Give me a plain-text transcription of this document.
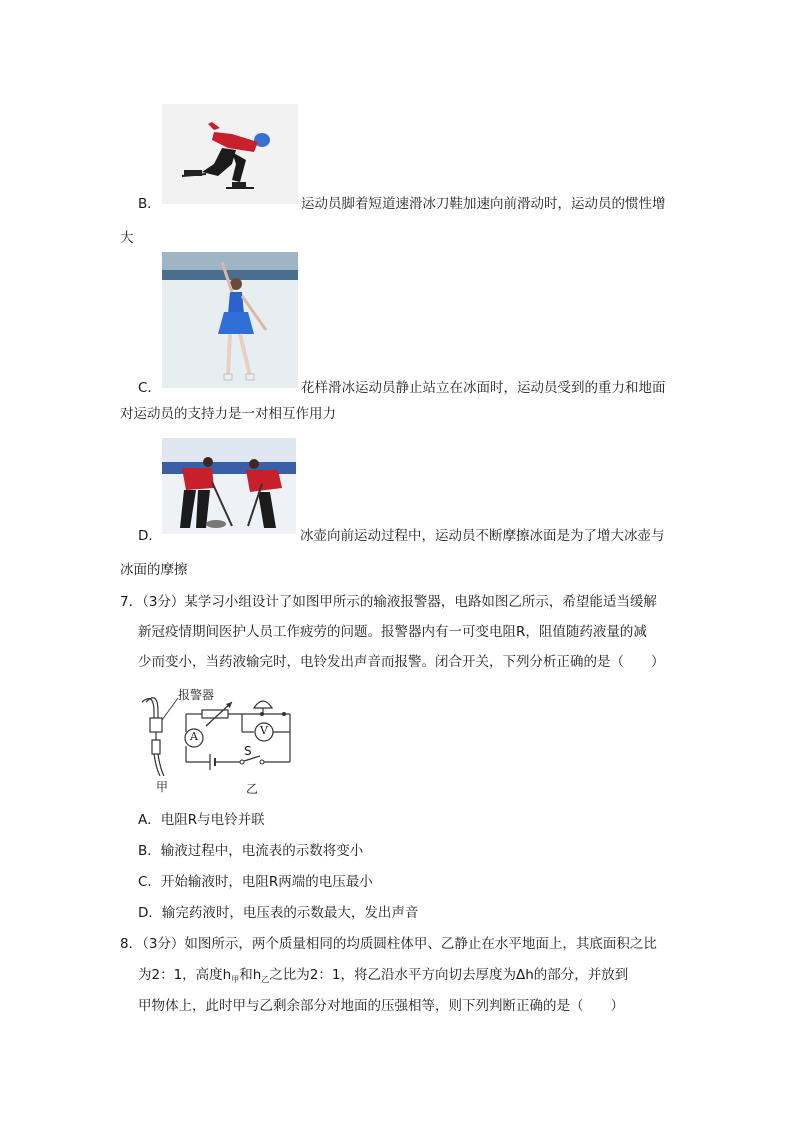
B．	运动员脚着短道速滑冰刀鞋加速向前滑动时，运动员的惯性增
大
C．	花样滑冰运动员静止站立在冰面时，运动员受到的重力和地面
对运动员的支持力是一对相互作用力
D．	冰壶向前运动过程中，运动员不断摩擦冰面是为了增大冰壶与
冰面的摩擦
7．（3分）某学习小组设计了如图甲所示的输液报警器，电路如图乙所示，希望能适当缓解
新冠疫情期间医护人员工作疲劳的问题。报警器内有一可变电阻R，阻值随药液量的减
少而变小，当药液输完时，电铃发出声音而报警。闭合开关，下列分析正确的是（　　）
报警器
A	V
S
甲	乙
A．电阻R与电铃并联
B．输液过程中，电流表的示数将变小
C．开始输液时，电阻R两端的电压最小
D．输完药液时，电压表的示数最大，发出声音
8．（3分）如图所示，两个质量相同的均质圆柱体甲、乙静止在水平地面上，其底面积之比
为2：1，高度$h_甲$和$h_乙$之比为2：1，将乙沿水平方向切去厚度为Δh的部分，并放到
甲物体上，此时甲与乙剩余部分对地面的压强相等，则下列判断正确的是（　　）
